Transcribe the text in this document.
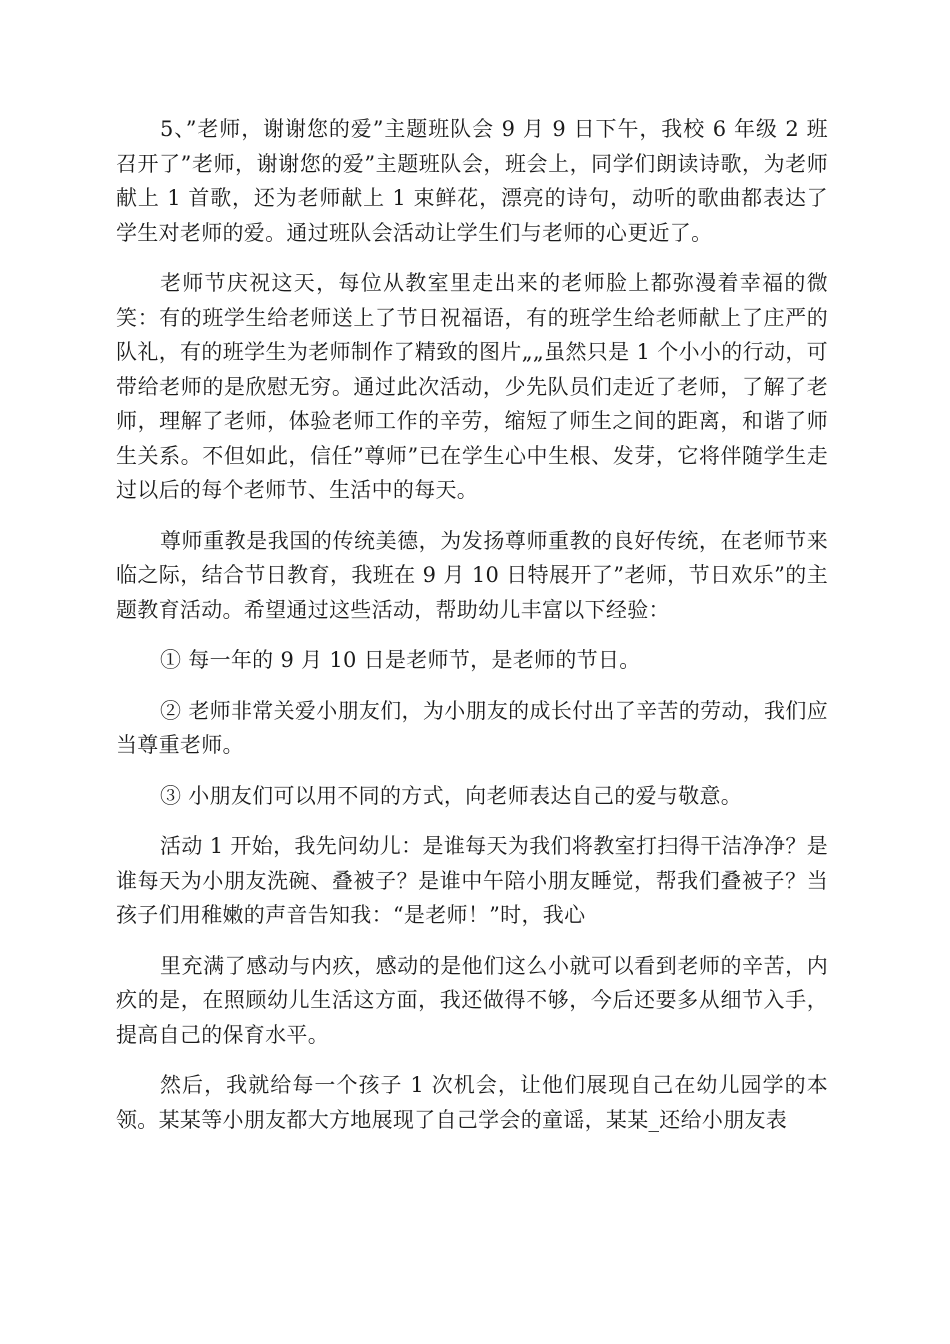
5、”老师，谢谢您的爱”主题班队会 9 月 9 日下午，我校 6 年级 2 班召开了”老师，谢谢您的爱”主题班队会，班会上，同学们朗读诗歌，为老师献上 1 首歌，还为老师献上 1 束鲜花，漂亮的诗句，动听的歌曲都表达了学生对老师的爱。通过班队会活动让学生们与老师的心更近了。

老师节庆祝这天，每位从教室里走出来的老师脸上都弥漫着幸福的微笑：有的班学生给老师送上了节日祝福语，有的班学生给老师献上了庄严的队礼，有的班学生为老师制作了精致的图片„„虽然只是 1 个小小的行动，可带给老师的是欣慰无穷。通过此次活动，少先队员们走近了老师，了解了老师，理解了老师，体验老师工作的辛劳，缩短了师生之间的距离，和谐了师生关系。不但如此，信任”尊师”已在学生心中生根、发芽，它将伴随学生走过以后的每个老师节、生活中的每天。

尊师重教是我国的传统美德，为发扬尊师重教的良好传统，在老师节来临之际，结合节日教育，我班在 9 月 10 日特展开了”老师，节日欢乐”的主题教育活动。希望通过这些活动，帮助幼儿丰富以下经验：

① 每一年的 9 月 10 日是老师节，是老师的节日。

② 老师非常关爱小朋友们，为小朋友的成长付出了辛苦的劳动，我们应当尊重老师。

③ 小朋友们可以用不同的方式，向老师表达自己的爱与敬意。

活动 1 开始，我先问幼儿：是谁每天为我们将教室打扫得干洁净净？是谁每天为小朋友洗碗、叠被子？是谁中午陪小朋友睡觉，帮我们叠被子？当孩子们用稚嫩的声音告知我：“是老师！”时，我心

里充满了感动与内疚，感动的是他们这么小就可以看到老师的辛苦，内疚的是，在照顾幼儿生活这方面，我还做得不够，今后还要多从细节入手，提高自己的保育水平。

然后，我就给每一个孩子 1 次机会，让他们展现自己在幼儿园学的本领。某某等小朋友都大方地展现了自己学会的童谣，某某_还给小朋友表
